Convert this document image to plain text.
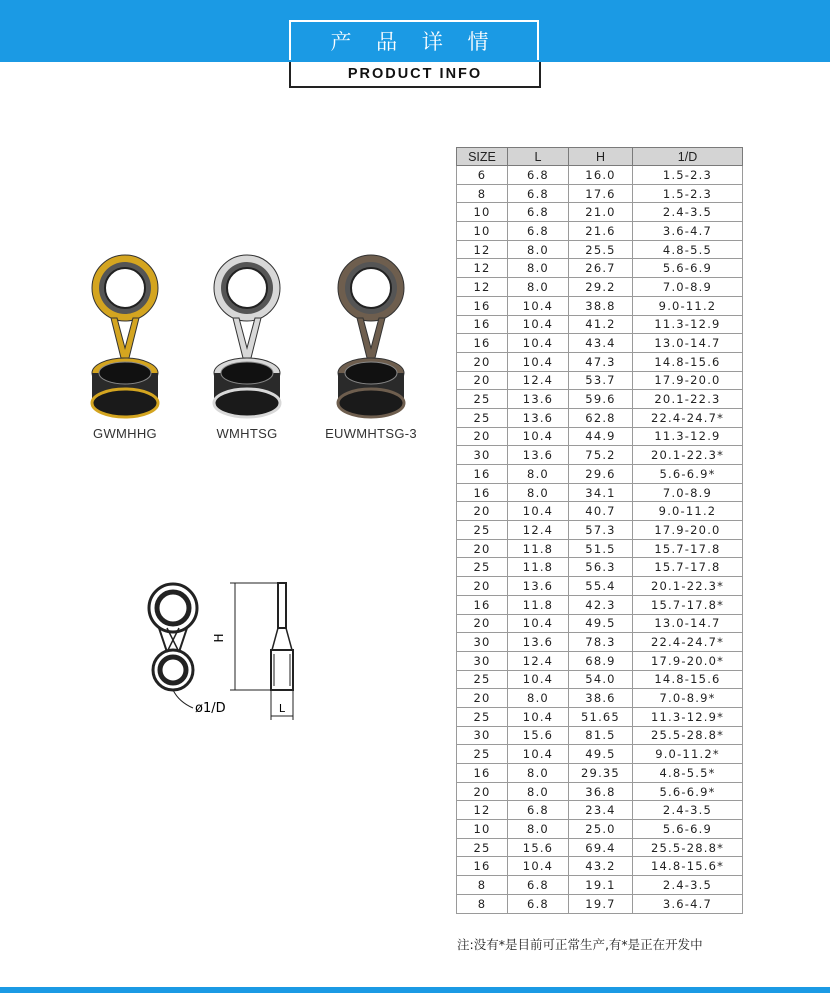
产 品 详 情
PRODUCT INFO
GWMHHG	WMHTSG	EUWMHTSG-3
H
ø1/D	L
SIZE	L	H	1/D
6	6.8	16.0	1.5-2.3
8	6.8	17.6	1.5-2.3
10	6.8	21.0	2.4-3.5
10	6.8	21.6	3.6-4.7
12	8.0	25.5	4.8-5.5
12	8.0	26.7	5.6-6.9
12	8.0	29.2	7.0-8.9
16	10.4	38.8	9.0-11.2
16	10.4	41.2	11.3-12.9
16	10.4	43.4	13.0-14.7
20	10.4	47.3	14.8-15.6
20	12.4	53.7	17.9-20.0
25	13.6	59.6	20.1-22.3
25	13.6	62.8	22.4-24.7*
20	10.4	44.9	11.3-12.9
30	13.6	75.2	20.1-22.3*
16	8.0	29.6	5.6-6.9*
16	8.0	34.1	7.0-8.9
20	10.4	40.7	9.0-11.2
25	12.4	57.3	17.9-20.0
20	11.8	51.5	15.7-17.8
25	11.8	56.3	15.7-17.8
20	13.6	55.4	20.1-22.3*
16	11.8	42.3	15.7-17.8*
20	10.4	49.5	13.0-14.7
30	13.6	78.3	22.4-24.7*
30	12.4	68.9	17.9-20.0*
25	10.4	54.0	14.8-15.6
20	8.0	38.6	7.0-8.9*
25	10.4	51.65	11.3-12.9*
30	15.6	81.5	25.5-28.8*
25	10.4	49.5	9.0-11.2*
16	8.0	29.35	4.8-5.5*
20	8.0	36.8	5.6-6.9*
12	6.8	23.4	2.4-3.5
10	8.0	25.0	5.6-6.9
25	15.6	69.4	25.5-28.8*
16	10.4	43.2	14.8-15.6*
8	6.8	19.1	2.4-3.5
8	6.8	19.7	3.6-4.7
注:没有*是目前可正常生产,有*是正在开发中
